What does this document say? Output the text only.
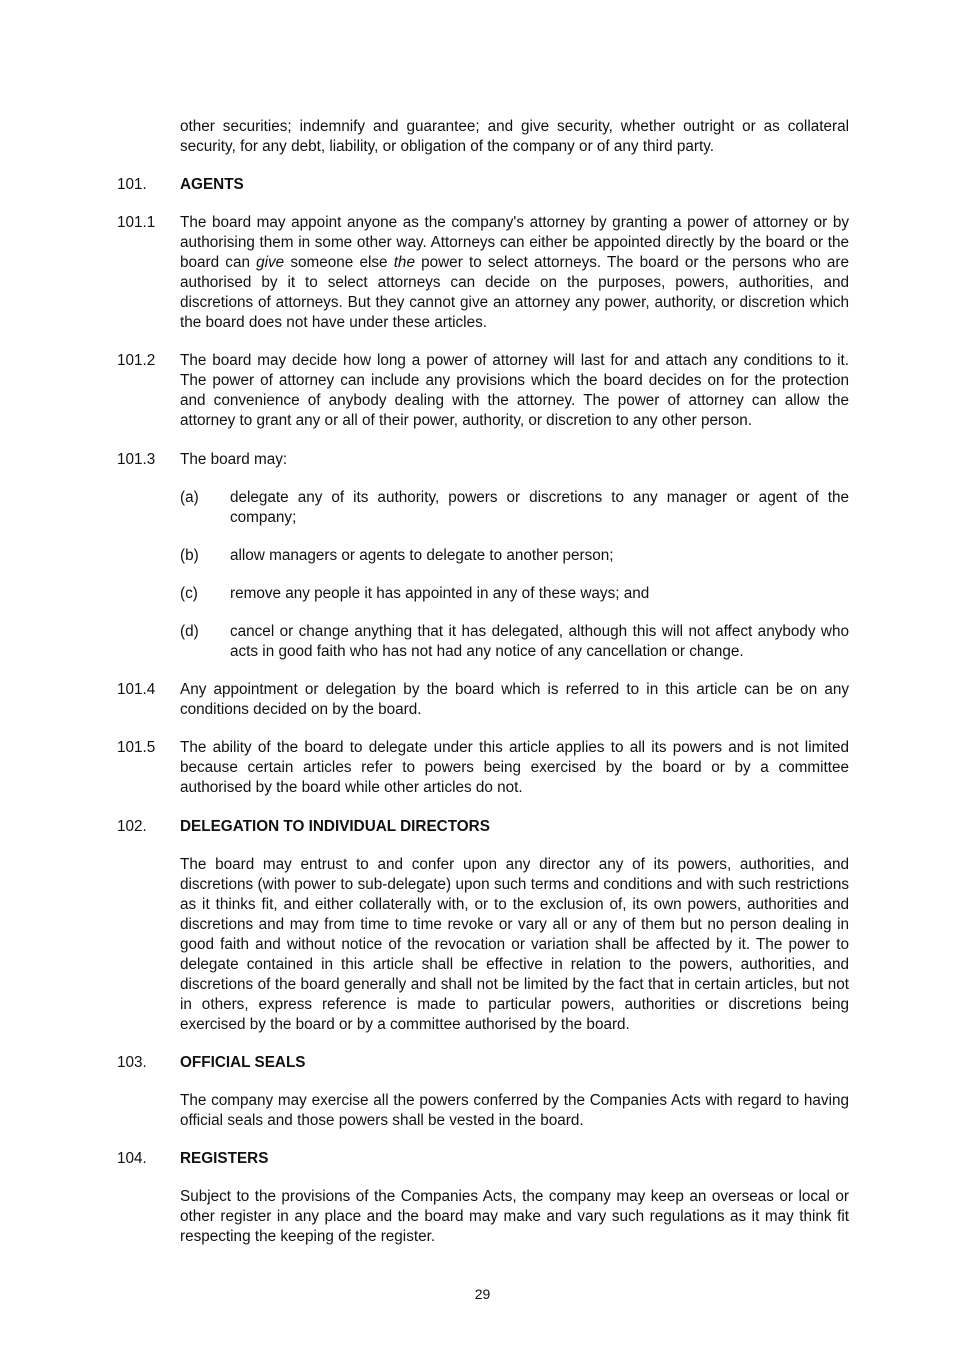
other securities; indemnify and guarantee; and give security, whether outright or as collateral security, for any debt, liability, or obligation of the company or of any third party.
101. AGENTS
101.1 The board may appoint anyone as the company's attorney by granting a power of attorney or by authorising them in some other way. Attorneys can either be appointed directly by the board or the board can give someone else the power to select attorneys. The board or the persons who are authorised by it to select attorneys can decide on the purposes, powers, authorities, and discretions of attorneys. But they cannot give an attorney any power, authority, or discretion which the board does not have under these articles.
101.2 The board may decide how long a power of attorney will last for and attach any conditions to it. The power of attorney can include any provisions which the board decides on for the protection and convenience of anybody dealing with the attorney. The power of attorney can allow the attorney to grant any or all of their power, authority, or discretion to any other person.
101.3 The board may:
(a) delegate any of its authority, powers or discretions to any manager or agent of the company;
(b) allow managers or agents to delegate to another person;
(c) remove any people it has appointed in any of these ways; and
(d) cancel or change anything that it has delegated, although this will not affect anybody who acts in good faith who has not had any notice of any cancellation or change.
101.4 Any appointment or delegation by the board which is referred to in this article can be on any conditions decided on by the board.
101.5 The ability of the board to delegate under this article applies to all its powers and is not limited because certain articles refer to powers being exercised by the board or by a committee authorised by the board while other articles do not.
102. DELEGATION TO INDIVIDUAL DIRECTORS
The board may entrust to and confer upon any director any of its powers, authorities, and discretions (with power to sub-delegate) upon such terms and conditions and with such restrictions as it thinks fit, and either collaterally with, or to the exclusion of, its own powers, authorities and discretions and may from time to time revoke or vary all or any of them but no person dealing in good faith and without notice of the revocation or variation shall be affected by it. The power to delegate contained in this article shall be effective in relation to the powers, authorities, and discretions of the board generally and shall not be limited by the fact that in certain articles, but not in others, express reference is made to particular powers, authorities or discretions being exercised by the board or by a committee authorised by the board.
103. OFFICIAL SEALS
The company may exercise all the powers conferred by the Companies Acts with regard to having official seals and those powers shall be vested in the board.
104. REGISTERS
Subject to the provisions of the Companies Acts, the company may keep an overseas or local or other register in any place and the board may make and vary such regulations as it may think fit respecting the keeping of the register.
29
